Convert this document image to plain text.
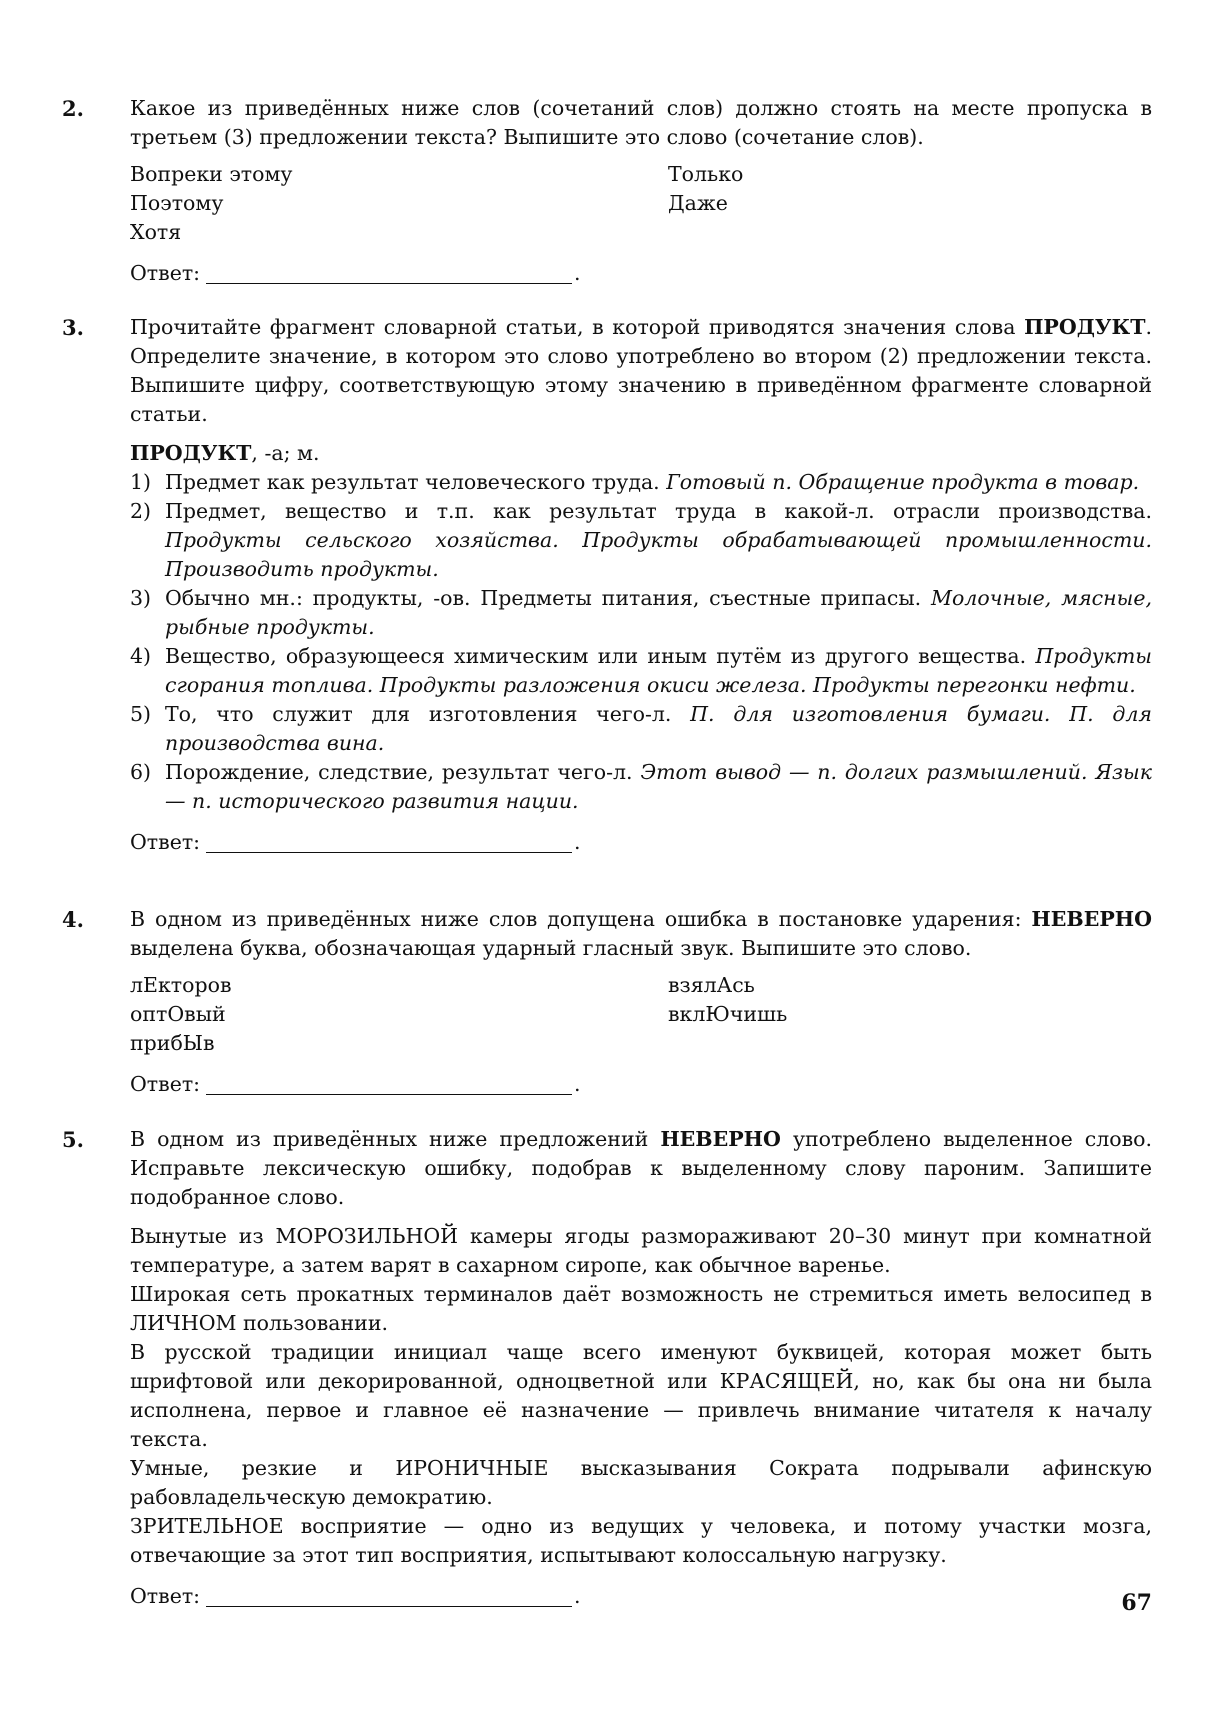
2. Какое из приведённых ниже слов (сочетаний слов) должно стоять на месте пропуска в третьем (3) предложении текста? Выпишите это слово (сочетание слов).

Вопреки этому
Поэтому
Хотя
Только
Даже
Ответ:	.
3. Прочитайте фрагмент словарной статьи, в которой приводятся значения слова ПРОДУКТ. Определите значение, в котором это слово употреблено во втором (2) предложении текста. Выпишите цифру, соответствующую этому значению в приведённом фрагменте словарной статьи.

ПРОДУКТ, -а; м.
1) Предмет как результат человеческого труда. Готовый п. Обращение продукта в товар.
2) Предмет, вещество и т.п. как результат труда в какой-л. отрасли производства. Продукты сельского хозяйства. Продукты обрабатывающей промышленности. Производить продукты.
3) Обычно мн.: продукты, -ов. Предметы питания, съестные припасы. Молочные, мясные, рыбные продукты.
4) Вещество, образующееся химическим или иным путём из другого вещества. Продукты сгорания топлива. Продукты разложения окиси железа. Продукты перегонки нефти.
5) То, что служит для изготовления чего-л. П. для изготовления бумаги. П. для производства вина.
6) Порождение, следствие, результат чего-л. Этот вывод — п. долгих размышлений. Язык — п. исторического развития нации.
Ответ:	.
4. В одном из приведённых ниже слов допущена ошибка в постановке ударения: НЕВЕРНО выделена буква, обозначающая ударный гласный звук. Выпишите это слово.

лЕкторов
оптОвый
прибЫв
взялАсь
вклЮчишь
Ответ:	.
5. В одном из приведённых ниже предложений НЕВЕРНО употреблено выделенное слово. Исправьте лексическую ошибку, подобрав к выделенному слову пароним. Запишите подобранное слово.

Вынутые из МОРОЗИЛЬНОЙ камеры ягоды размораживают 20–30 минут при комнатной температуре, а затем варят в сахарном сиропе, как обычное варенье.

Широкая сеть прокатных терминалов даёт возможность не стремиться иметь велосипед в ЛИЧНОМ пользовании.

В русской традиции инициал чаще всего именуют буквицей, которая может быть шрифтовой или декорированной, одноцветной или КРАСЯЩЕЙ, но, как бы она ни была исполнена, первое и главное её назначение — привлечь внимание читателя к началу текста.

Умные, резкие и ИРОНИЧНЫЕ высказывания Сократа подрывали афинскую рабовладельческую демократию.

ЗРИТЕЛЬНОЕ восприятие — одно из ведущих у человека, и потому участки мозга, отвечающие за этот тип восприятия, испытывают колоссальную нагрузку.

Ответ:	.	67
